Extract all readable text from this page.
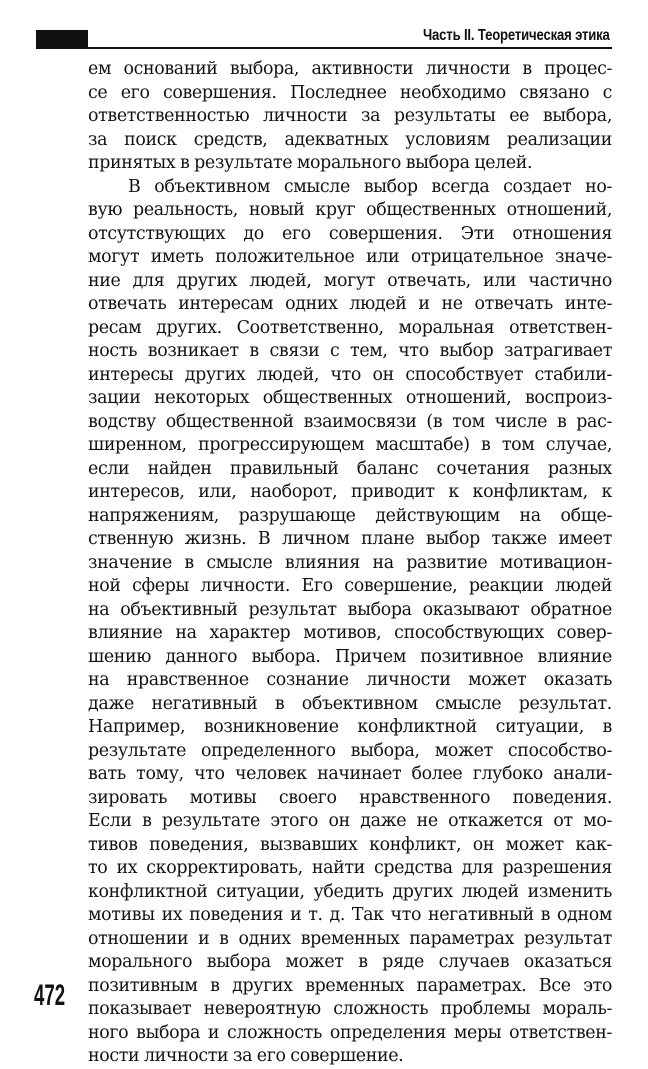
Часть II. Теоретическая этика
ем оснований выбора, активности личности в процес-
се его совершения. Последнее необходимо связано с
ответственностью личности за результаты ее выбора,
за поиск средств, адекватных условиям реализации
принятых в результате морального выбора целей.
В объективном смысле выбор всегда создает но-
вую реальность, новый круг общественных отношений,
отсутствующих до его совершения. Эти отношения
могут иметь положительное или отрицательное значе-
ние для других людей, могут отвечать, или частично
отвечать интересам одних людей и не отвечать инте-
ресам других. Соответственно, моральная ответствен-
ность возникает в связи с тем, что выбор затрагивает
интересы других людей, что он способствует стабили-
зации некоторых общественных отношений, воспроиз-
водству общественной взаимосвязи (в том числе в рас-
ширенном, прогрессирующем масштабе) в том случае,
если найден правильный баланс сочетания разных
интересов, или, наоборот, приводит к конфликтам, к
напряжениям, разрушающе действующим на обще-
ственную жизнь. В личном плане выбор также имеет
значение в смысле влияния на развитие мотивацион-
ной сферы личности. Его совершение, реакции людей
на объективный результат выбора оказывают обратное
влияние на характер мотивов, способствующих совер-
шению данного выбора. Причем позитивное влияние
на нравственное сознание личности может оказать
даже негативный в объективном смысле результат.
Например, возникновение конфликтной ситуации, в
результате определенного выбора, может способство-
вать тому, что человек начинает более глубоко анали-
зировать мотивы своего нравственного поведения.
Если в результате этого он даже не откажется от мо-
тивов поведения, вызвавших конфликт, он может как-
то их скорректировать, найти средства для разрешения
конфликтной ситуации, убедить других людей изменить
мотивы их поведения и т. д. Так что негативный в одном
отношении и в одних временных параметрах результат
морального выбора может в ряде случаев оказаться
позитивным в других временных параметрах. Все это
показывает невероятную сложность проблемы мораль-
ного выбора и сложность определения меры ответствен-
ности личности за его совершение.
472
